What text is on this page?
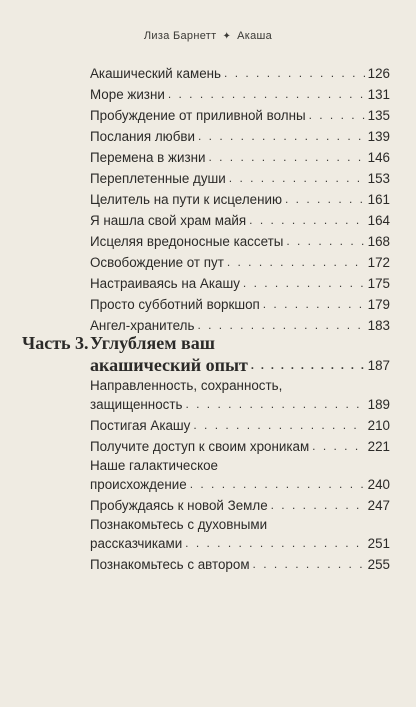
Лиза Барнетт ✦ Акаша
Акашический камень . . .	126
Море жизни . . .	131
Пробуждение от приливной волны . . .	135
Послания любви . . .	139
Перемена в жизни . . .	146
Переплетенные души . . .	153
Целитель на пути к исцелению . . .	161
Я нашла свой храм майя . . .	164
Исцеляя вредоносные кассеты . . .	168
Освобождение от пут . . .	172
Настраиваясь на Акашу . . .	175
Просто субботний воркшоп . . .	179
Ангел-хранитель . . .	183
Часть 3. Углубляем ваш
акашический опыт . . .	187
Направленность, сохранность,
защищенность . . .	189
Постигая Акашу . . .	210
Получите доступ к своим хроникам . . .	221
Наше галактическое
происхождение . . .	240
Пробуждаясь к новой Земле . . .	247
Познакомьтесь с духовными
рассказчиками . . .	251
Познакомьтесь с автором . . .	255
